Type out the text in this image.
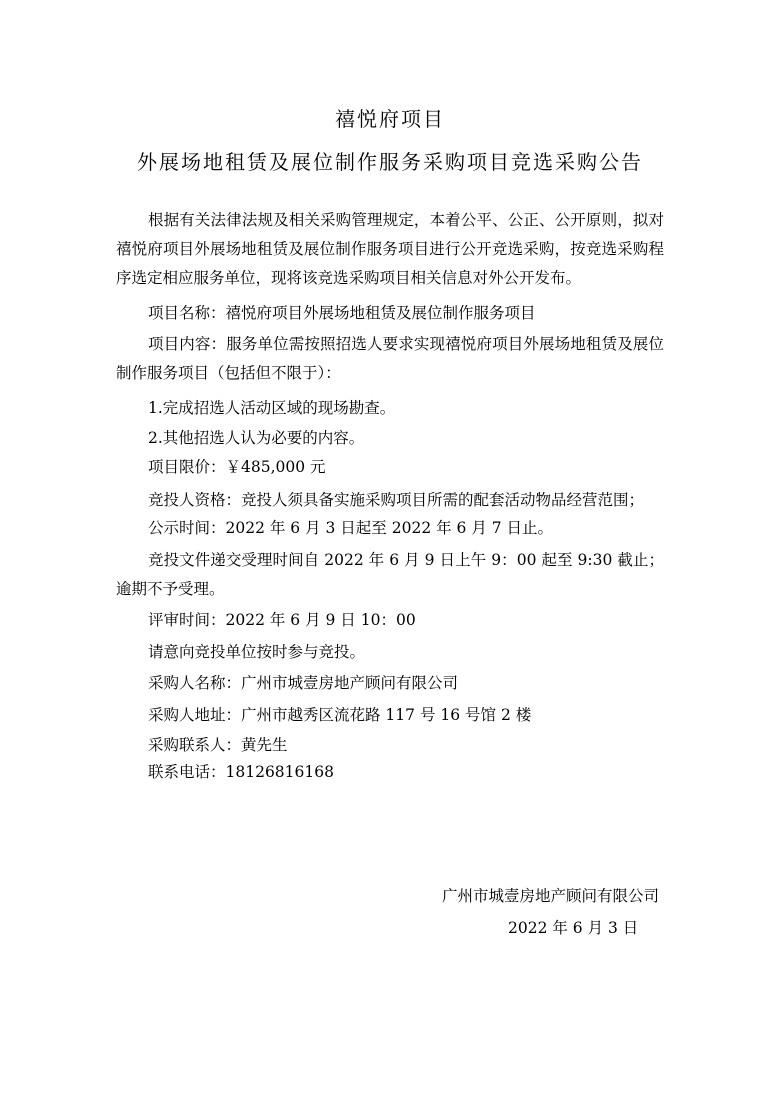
禧悦府项目
外展场地租赁及展位制作服务采购项目竞选采购公告
根据有关法律法规及相关采购管理规定，本着公平、公正、公开原则，拟对禧悦府项目外展场地租赁及展位制作服务项目进行公开竞选采购，按竞选采购程序选定相应服务单位，现将该竞选采购项目相关信息对外公开发布。
项目名称：禧悦府项目外展场地租赁及展位制作服务项目
项目内容：服务单位需按照招选人要求实现禧悦府项目外展场地租赁及展位制作服务项目（包括但不限于）：
1.完成招选人活动区域的现场勘查。
2.其他招选人认为必要的内容。
项目限价：￥485,000 元
竞投人资格：竞投人须具备实施采购项目所需的配套活动物品经营范围；
公示时间：2022 年 6 月 3 日起至 2022 年 6 月 7 日止。
竞投文件递交受理时间自 2022 年 6 月 9 日上午 9：00 起至 9:30 截止；逾期不予受理。
评审时间：2022 年 6 月 9 日 10：00
请意向竞投单位按时参与竞投。
采购人名称：广州市城壹房地产顾问有限公司
采购人地址：广州市越秀区流花路 117 号 16 号馆 2 楼
采购联系人：黄先生
联系电话：18126816168
广州市城壹房地产顾问有限公司
2022 年 6 月 3 日
